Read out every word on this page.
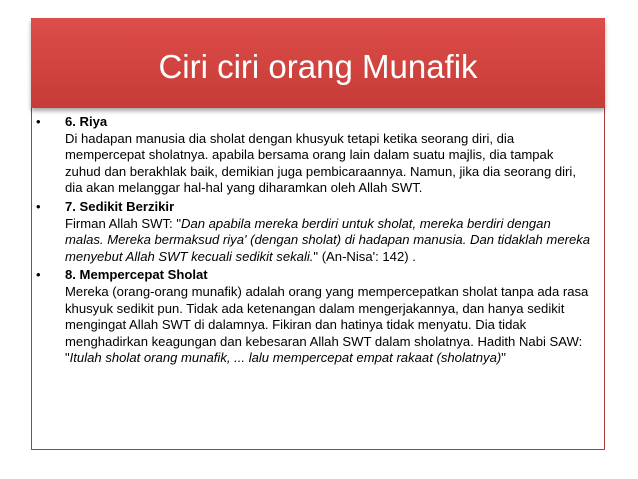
Ciri ciri orang Munafik
•	6. Riya
Di hadapan manusia dia sholat dengan khusyuk tetapi ketika seorang diri, dia mempercepat sholatnya. apabila bersama orang lain dalam suatu majlis, dia tampak zuhud dan berakhlak baik, demikian juga pembicaraannya. Namun, jika dia seorang diri, dia akan melanggar hal-hal yang diharamkan oleh Allah SWT.
•	7. Sedikit Berzikir
Firman Allah SWT: "Dan apabila mereka berdiri untuk sholat, mereka berdiri dengan malas. Mereka bermaksud riya' (dengan sholat) di hadapan manusia. Dan tidaklah mereka menyebut Allah SWT kecuali sedikit sekali." (An-Nisa': 142) .
•	8. Mempercepat Sholat
Mereka (orang-orang munafik) adalah orang yang mempercepatkan sholat tanpa ada rasa khusyuk sedikit pun. Tidak ada ketenangan dalam mengerjakannya, dan hanya sedikit mengingat Allah SWT di dalamnya. Fikiran dan hatinya tidak menyatu. Dia tidak menghadirkan keagungan dan kebesaran Allah SWT dalam sholatnya. Hadith Nabi SAW: "Itulah sholat orang munafik, ... lalu mempercepat empat rakaat (sholatnya)"
